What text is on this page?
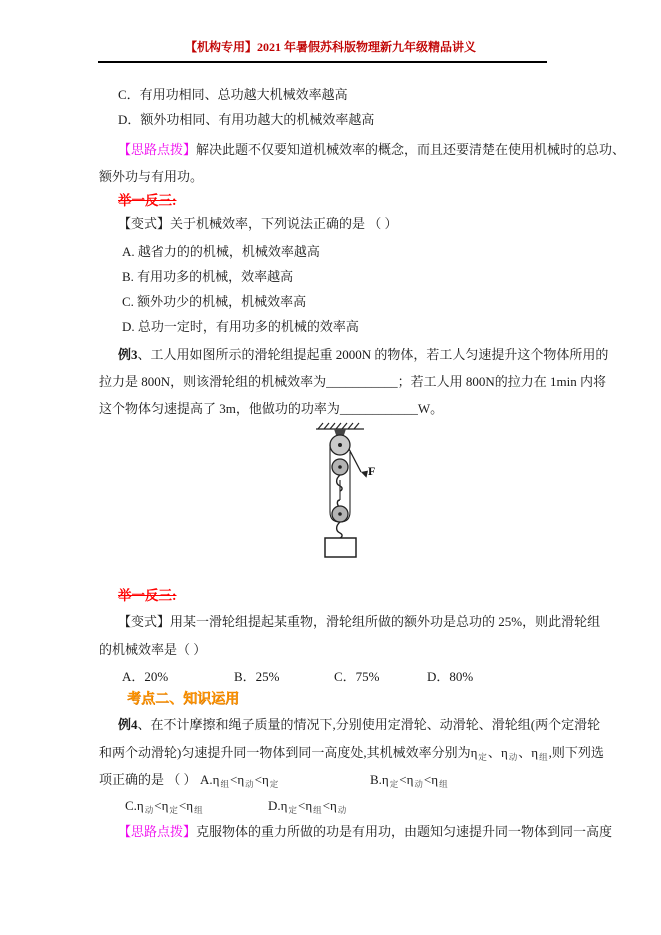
【机构专用】2021 年暑假苏科版物理新九年级精品讲义
C．有用功相同、总功越大机械效率越高
D．额外功相同、有用功越大的机械效率越高
【思路点拨】解决此题不仅要知道机械效率的概念，而且还要清楚在使用机械时的总功、
额外功与有用功。
举一反三:
【变式】关于机械效率，下列说法正确的是 （ ）
A. 越省力的的机械，机械效率越高
B. 有用功多的机械，效率越高
C. 额外功少的机械，机械效率高
D. 总功一定时，有用功多的机械的效率高
例3、工人用如图所示的滑轮组提起重 2000N 的物体，若工人匀速提升这个物体所用的
拉力是 800N，则该滑轮组的机械效率为___________；若工人用 800N的拉力在 1min 内将
这个物体匀速提高了 3m，他做功的功率为____________W。
F
举一反三:
【变式】用某一滑轮组提起某重物，滑轮组所做的额外功是总功的 25%，则此滑轮组
的机械效率是（ ）
A．20%	B．25%	C．75%	D．80%
考点二、知识运用
例4、在不计摩擦和绳子质量的情况下,分别使用定滑轮、动滑轮、滑轮组(两个定滑轮
和两个动滑轮)匀速提升同一物体到同一高度处,其机械效率分别为$\eta_定$、$\eta_动$、$\eta_组$,则下列选
项正确的是 （ ） $A.\eta_组<\eta_动<\eta_定$	$B.\eta_定<\eta_动<\eta_组$
$C.\eta_动<\eta_定<\eta_组$	$D.\eta_定<\eta_组<\eta_动$
【思路点拨】克服物体的重力所做的功是有用功，由题知匀速提升同一物体到同一高度
